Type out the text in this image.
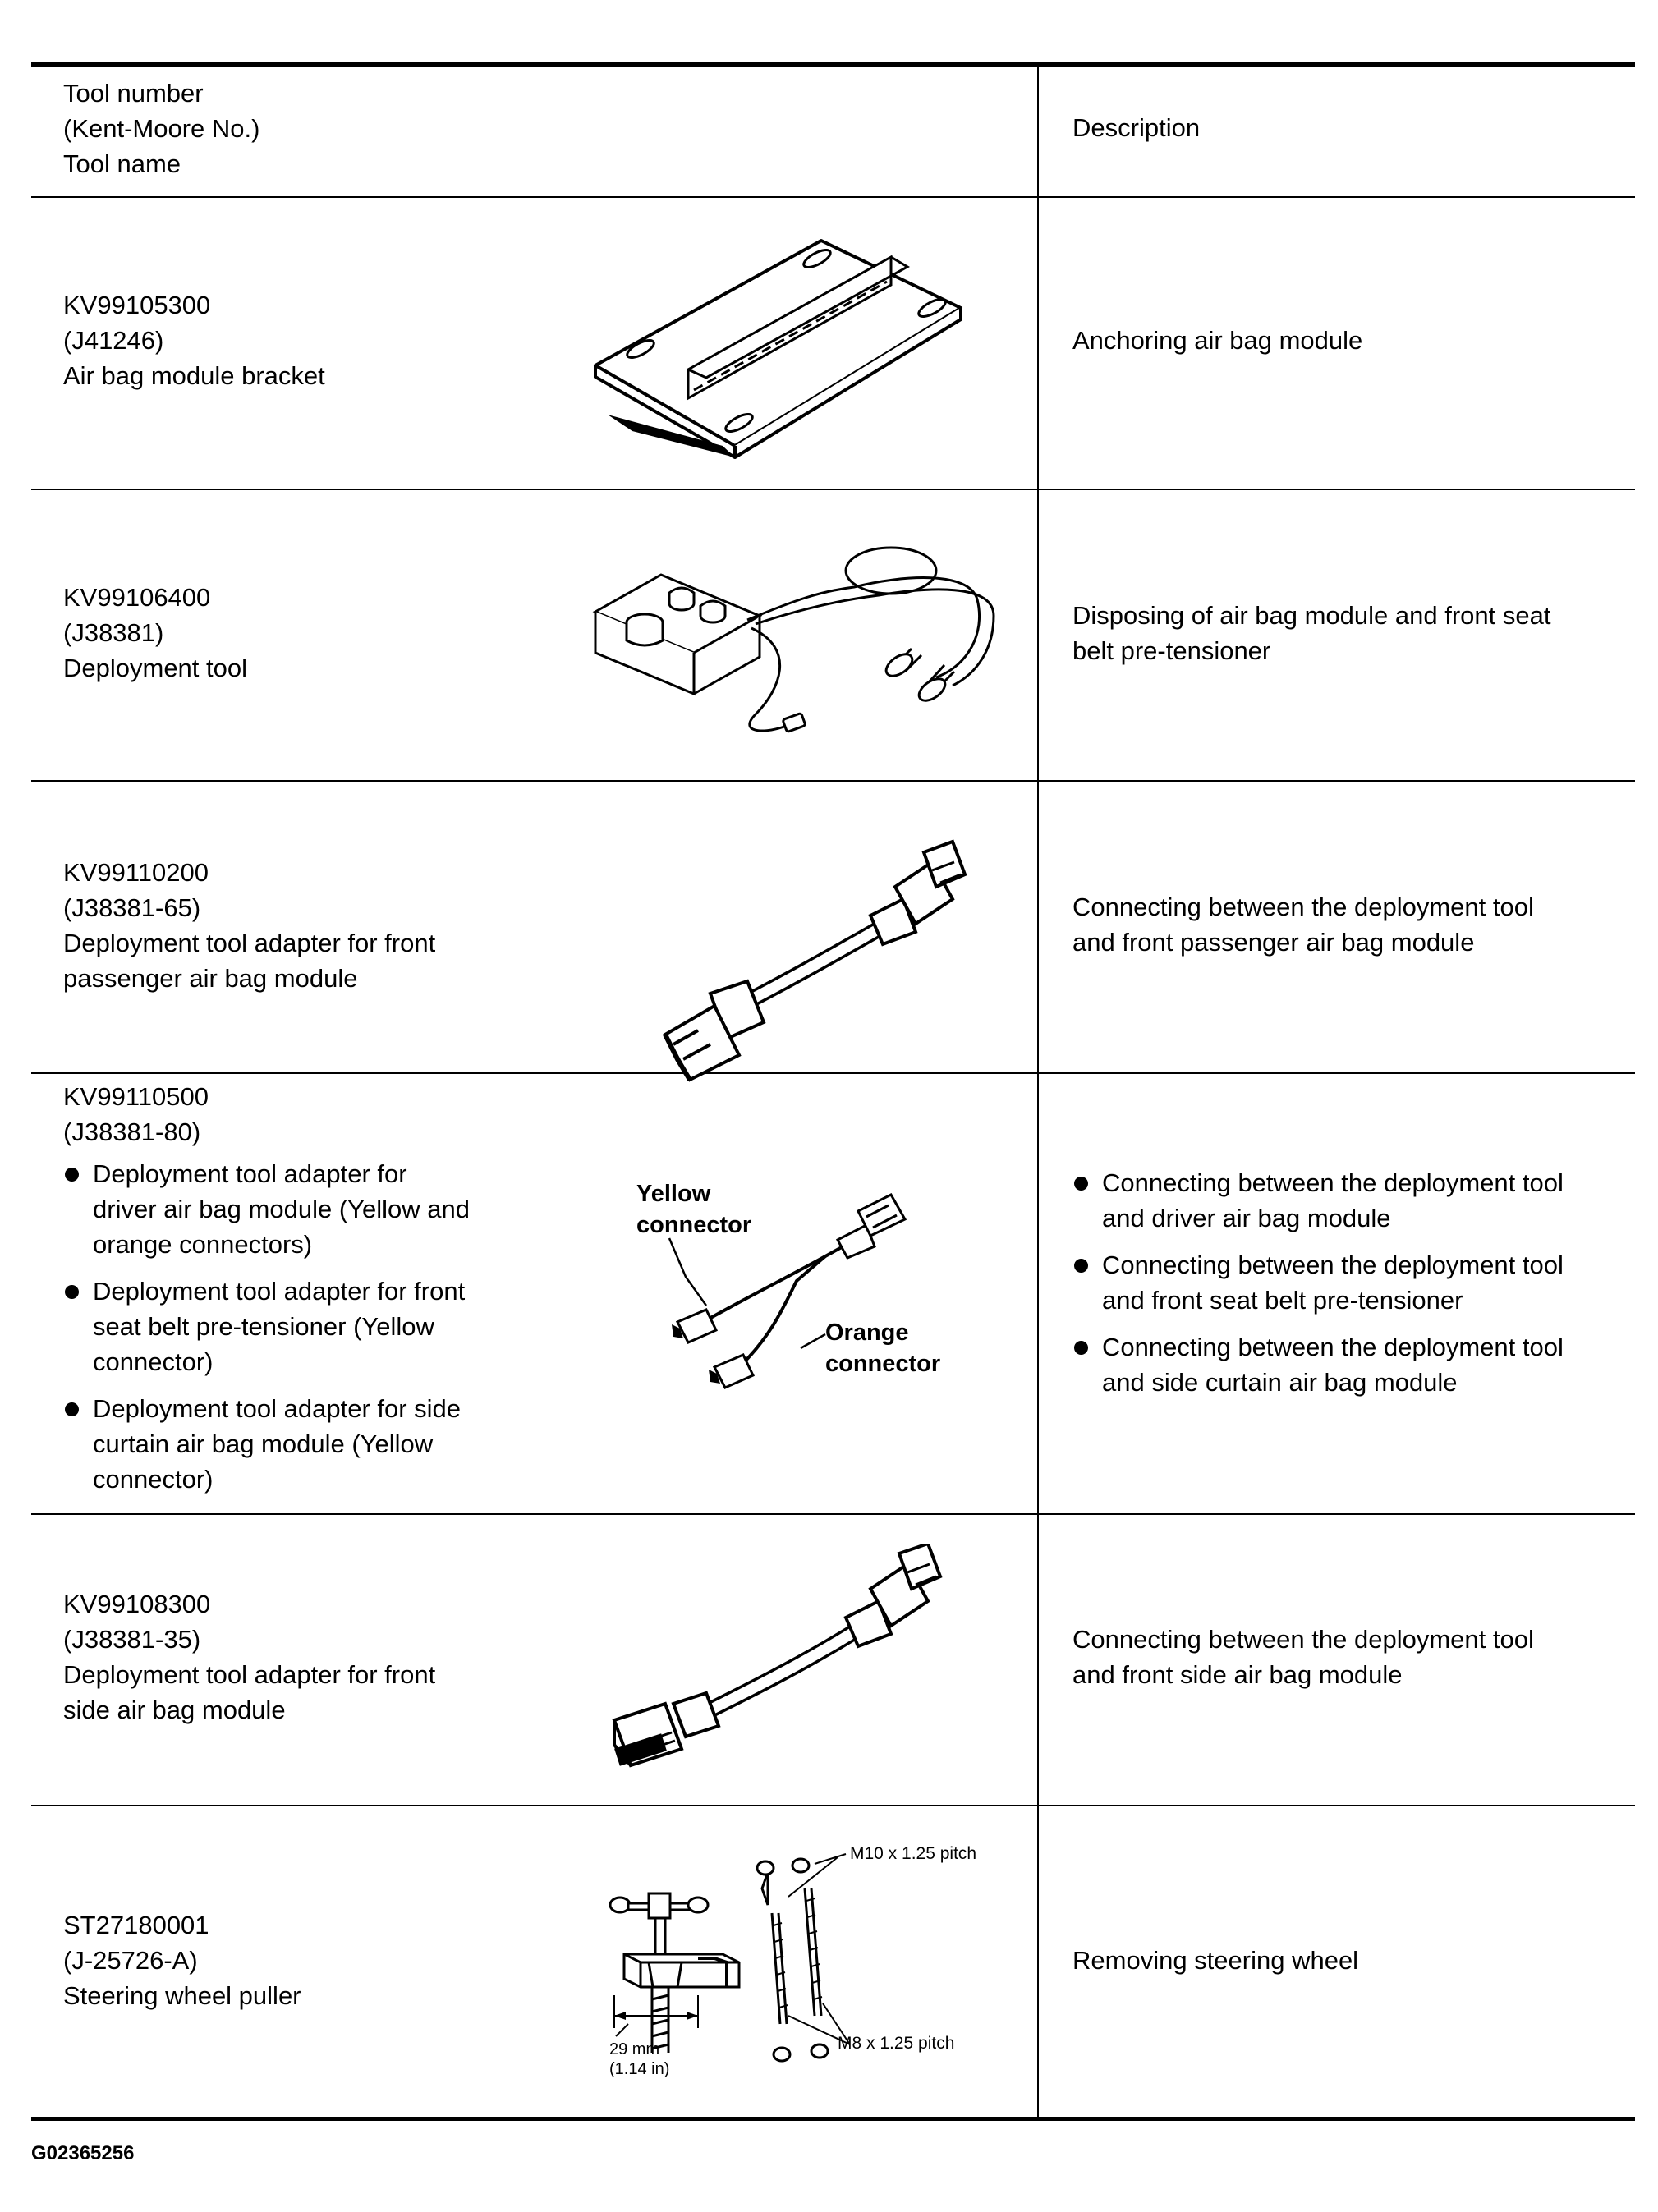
Tool number
(Kent-Moore No.)
Tool name
Description
KV99105300
(J41246)
Air bag module bracket
Anchoring air bag module
KV99106400
(J38381)
Deployment tool
Disposing of air bag module and front seat
belt pre-tensioner
KV99110200
(J38381-65)
Deployment tool adapter for front
passenger air bag module
Connecting between the deployment tool
and front passenger air bag module
KV99110500
(J38381-80)
Deployment tool adapter for
driver air bag module (Yellow and
orange connectors)
Deployment tool adapter for front
seat belt pre-tensioner (Yellow
connector)
Deployment tool adapter for side
curtain air bag module (Yellow
connector)
Connecting between the deployment tool
and driver air bag module
Connecting between the deployment tool
and front seat belt pre-tensioner
Connecting between the deployment tool
and side curtain air bag module
Yellow
connector
Orange
connector
KV99108300
(J38381-35)
Deployment tool adapter for front
side air bag module
Connecting between the deployment tool
and front side air bag module
ST27180001
(J-25726-A)
Steering wheel puller
Removing steering wheel
29 mm
(1.14 in)
M10 x 1.25 pitch
M8 x 1.25 pitch
G02365256
